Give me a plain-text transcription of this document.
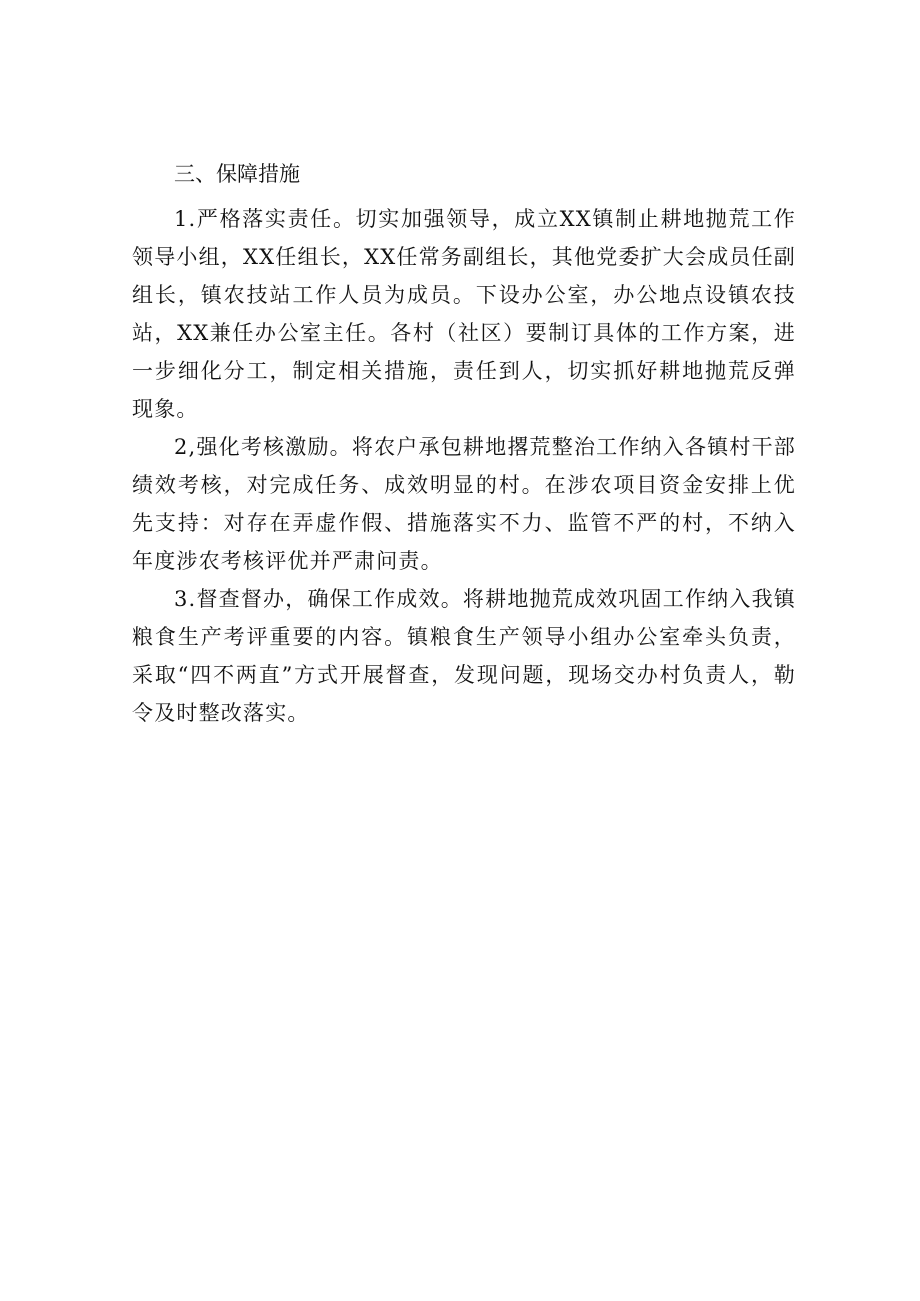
三、保障措施

1.严格落实责任。切实加强领导，成立XX镇制止耕地抛荒工作领导小组，XX任组长，XX任常务副组长，其他党委扩大会成员任副组长，镇农技站工作人员为成员。下设办公室，办公地点设镇农技站，XX兼任办公室主任。各村（社区）要制订具体的工作方案，进一步细化分工，制定相关措施，责任到人，切实抓好耕地抛荒反弹现象。

2,强化考核激励。将农户承包耕地撂荒整治工作纳入各镇村干部绩效考核，对完成任务、成效明显的村。在涉农项目资金安排上优先支持：对存在弄虚作假、措施落实不力、监管不严的村，不纳入年度涉农考核评优并严肃问责。

3.督查督办，确保工作成效。将耕地抛荒成效巩固工作纳入我镇粮食生产考评重要的内容。镇粮食生产领导小组办公室牵头负责，采取“四不两直”方式开展督查，发现问题，现场交办村负责人，勒令及时整改落实。
